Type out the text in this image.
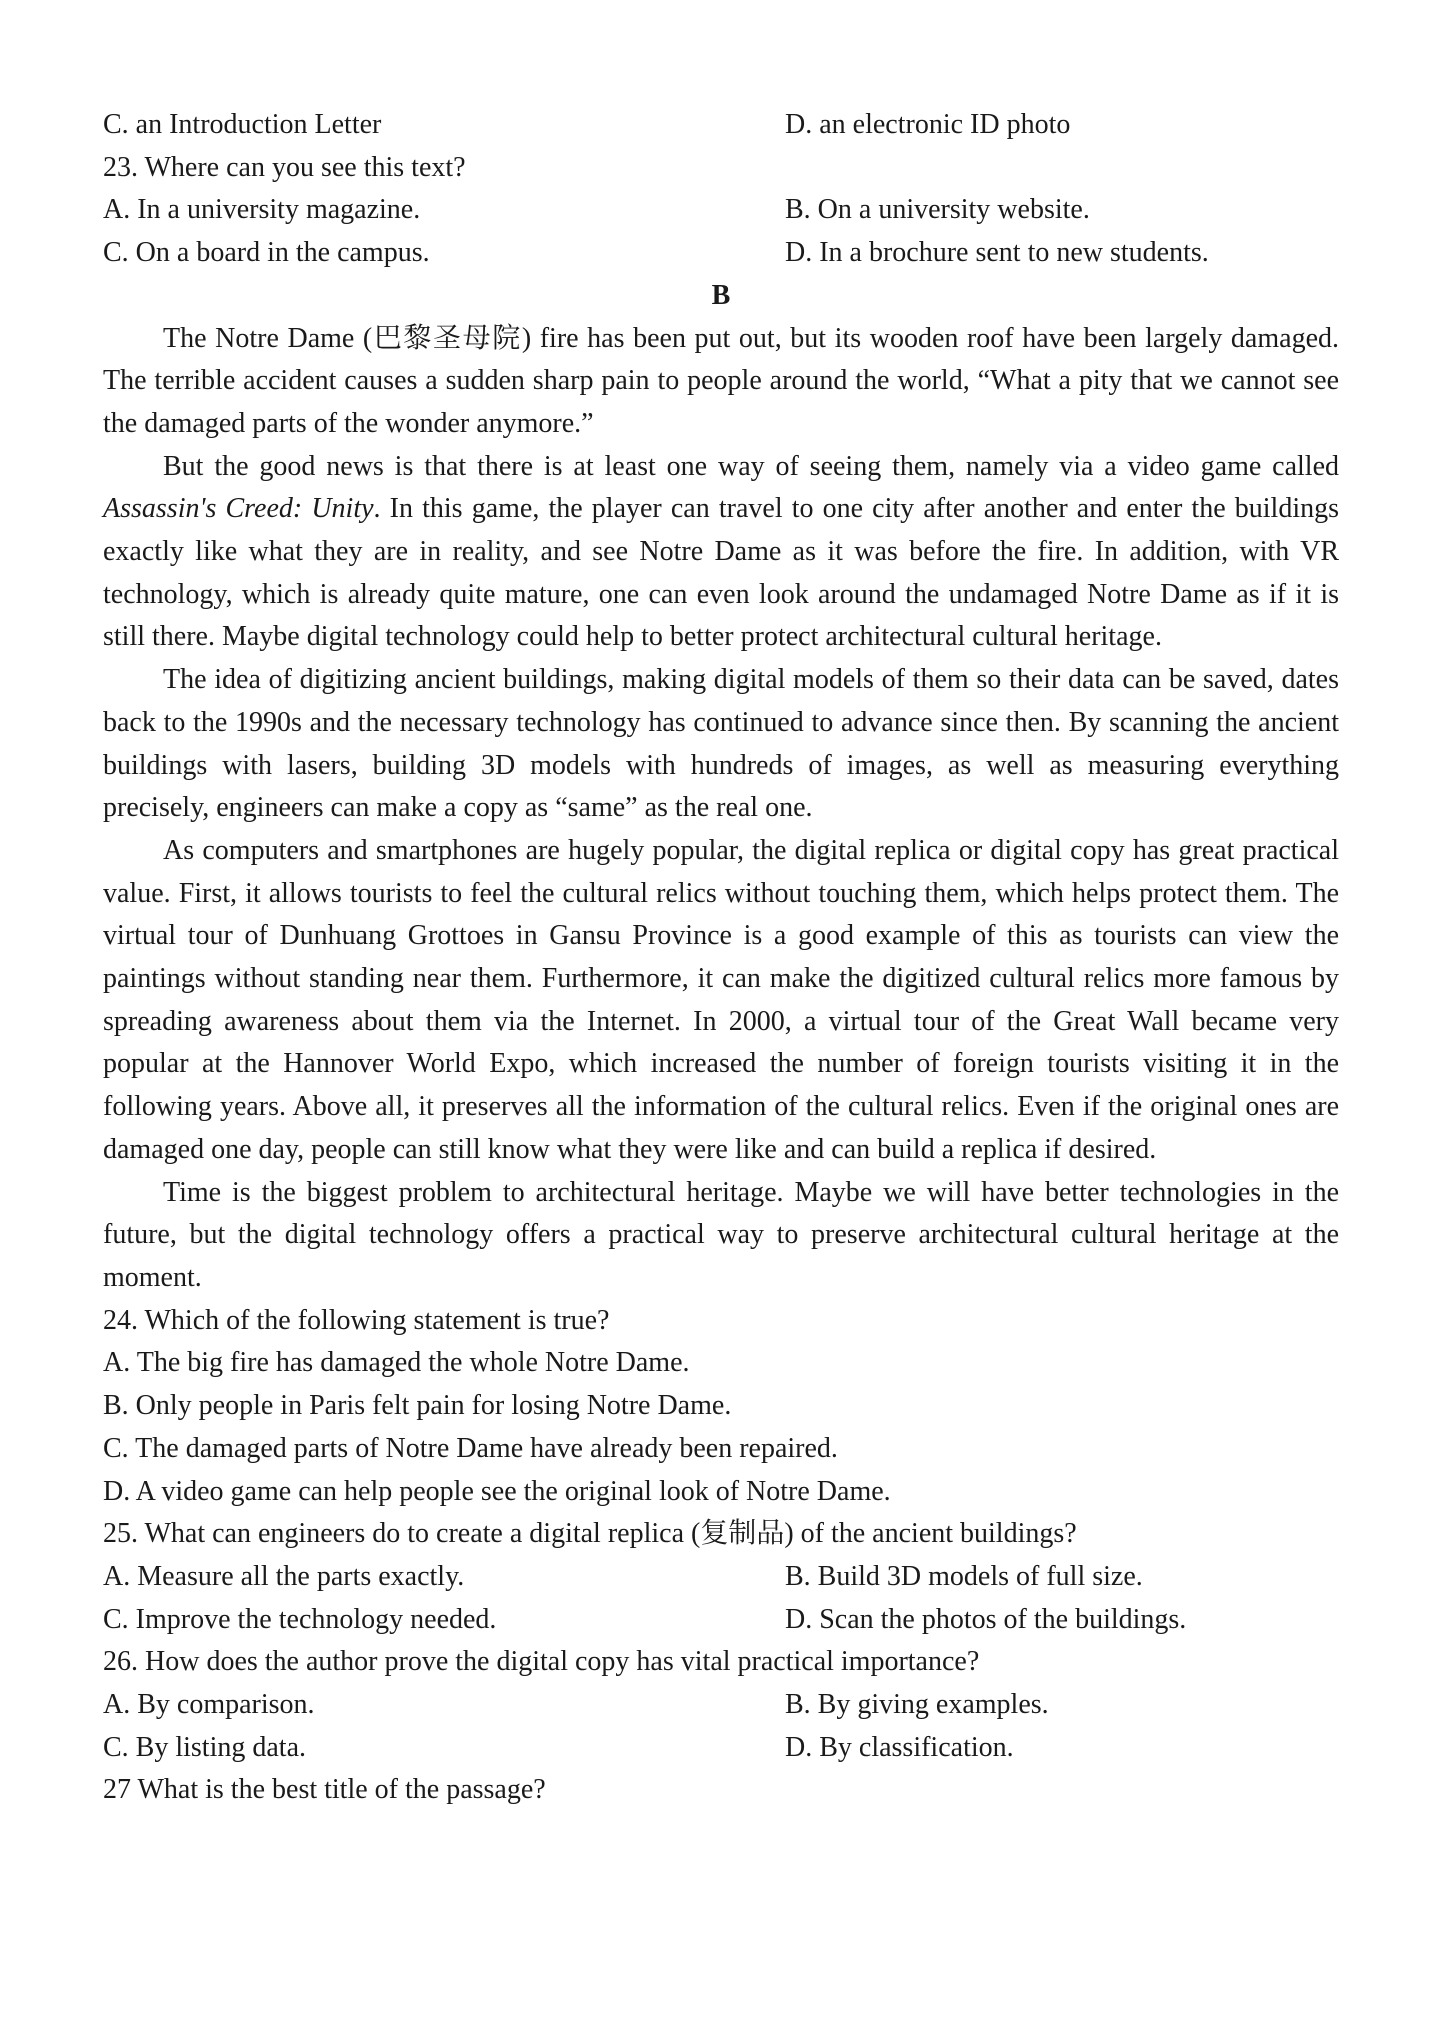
C. an Introduction Letter	D. an electronic ID photo
23. Where can you see this text?
A. In a university magazine.	B. On a university website.
C. On a board in the campus.	D. In a brochure sent to new students.
B

The Notre Dame (巴黎圣母院) fire has been put out, but its wooden roof have been largely damaged. The terrible accident causes a sudden sharp pain to people around the world, “What a pity that we cannot see the damaged parts of the wonder anymore.”

But the good news is that there is at least one way of seeing them, namely via a video game called Assassin's Creed: Unity. In this game, the player can travel to one city after another and enter the buildings exactly like what they are in reality, and see Notre Dame as it was before the fire. In addition, with VR technology, which is already quite mature, one can even look around the undamaged Notre Dame as if it is still there. Maybe digital technology could help to better protect architectural cultural heritage.

The idea of digitizing ancient buildings, making digital models of them so their data can be saved, dates back to the 1990s and the necessary technology has continued to advance since then. By scanning the ancient buildings with lasers, building 3D models with hundreds of images, as well as measuring everything precisely, engineers can make a copy as “same” as the real one.

As computers and smartphones are hugely popular, the digital replica or digital copy has great practical value. First, it allows tourists to feel the cultural relics without touching them, which helps protect them. The virtual tour of Dunhuang Grottoes in Gansu Province is a good example of this as tourists can view the paintings without standing near them. Furthermore, it can make the digitized cultural relics more famous by spreading awareness about them via the Internet. In 2000, a virtual tour of the Great Wall became very popular at the Hannover World Expo, which increased the number of foreign tourists visiting it in the following years. Above all, it preserves all the information of the cultural relics. Even if the original ones are damaged one day, people can still know what they were like and can build a replica if desired.

Time is the biggest problem to architectural heritage. Maybe we will have better technologies in the future, but the digital technology offers a practical way to preserve architectural cultural heritage at the moment.

24. Which of the following statement is true?
A. The big fire has damaged the whole Notre Dame.
B. Only people in Paris felt pain for losing Notre Dame.
C. The damaged parts of Notre Dame have already been repaired.
D. A video game can help people see the original look of Notre Dame.
25. What can engineers do to create a digital replica (复制品) of the ancient buildings?
A. Measure all the parts exactly.	B. Build 3D models of full size.
C. Improve the technology needed.	D. Scan the photos of the buildings.
26. How does the author prove the digital copy has vital practical importance?
A. By comparison.	B. By giving examples.
C. By listing data.	D. By classification.
27 What is the best title of the passage?
